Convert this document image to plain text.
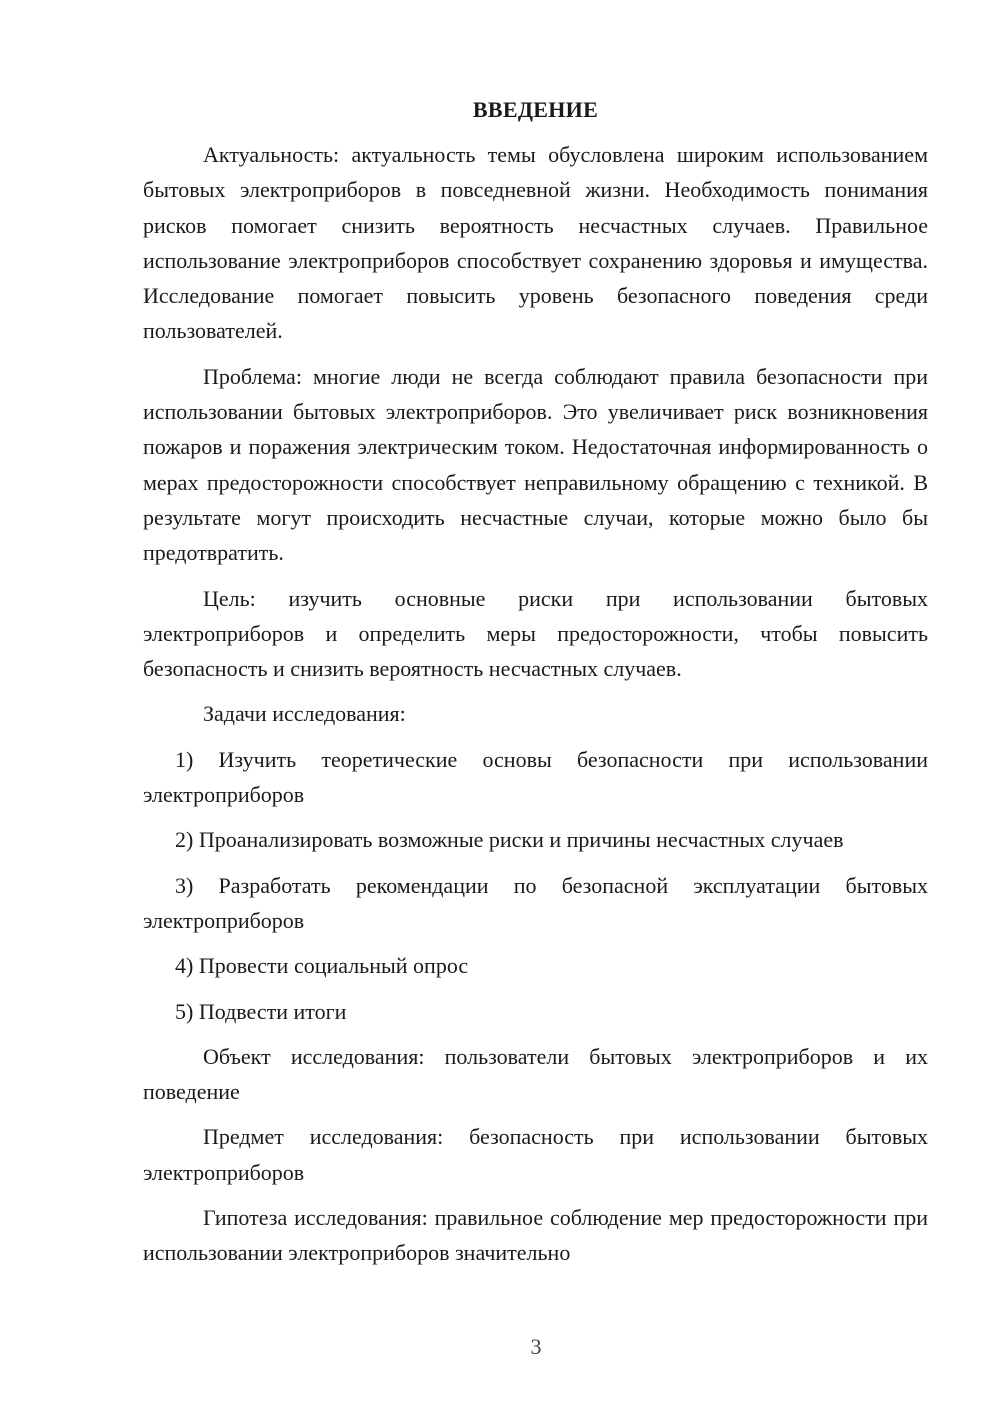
ВВЕДЕНИЕ

Актуальность: актуальность темы обусловлена широким использованием бытовых электроприборов в повседневной жизни. Необходимость понимания рисков помогает снизить вероятность несчастных случаев. Правильное использование электроприборов способствует сохранению здоровья и имущества. Исследование помогает повысить уровень безопасного поведения среди пользователей.

Проблема: многие люди не всегда соблюдают правила безопасности при использовании бытовых электроприборов. Это увеличивает риск возникновения пожаров и поражения электрическим током. Недостаточная информированность о мерах предосторожности способствует неправильному обращению с техникой. В результате могут происходить несчастные случаи, которые можно было бы предотвратить.

Цель: изучить основные риски при использовании бытовых электроприборов и определить меры предосторожности, чтобы повысить безопасность и снизить вероятность несчастных случаев.

Задачи исследования:

1) Изучить теоретические основы безопасности при использовании электроприборов

2) Проанализировать возможные риски и причины несчастных случаев

3) Разработать рекомендации по безопасной эксплуатации бытовых электроприборов

4) Провести социальный опрос

5) Подвести итоги

Объект исследования: пользователи бытовых электроприборов и их поведение

Предмет исследования: безопасность при использовании бытовых электроприборов

Гипотеза исследования: правильное соблюдение мер предосторожности при использовании электроприборов значительно

3
